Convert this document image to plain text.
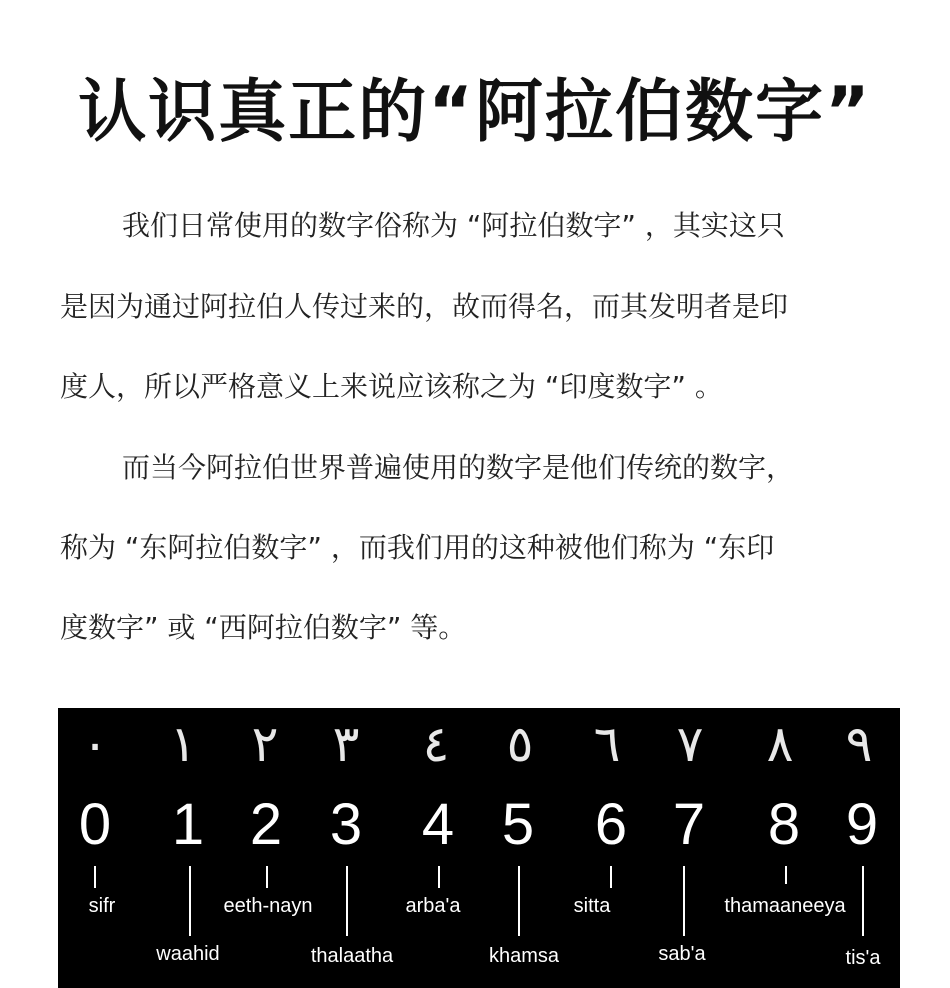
认识真正的“阿拉伯数字”
我们日常使用的数字俗称为 “阿拉伯数字” ，其实这只
是因为通过阿拉伯人传过来的，故而得名，而其发明者是印
度人，所以严格意义上来说应该称之为 “印度数字” 。
而当今阿拉伯世界普遍使用的数字是他们传统的数字，
称为 “东阿拉伯数字” ，而我们用的这种被他们称为 “东印
度数字” 或 “西阿拉伯数字” 等。
٠ ١ ٢ ٣ ٤ ٥ ٦ ٧ ٨ ٩
0 1 2 3 4 5 6 7 8 9
sifr
waahid
eeth-nayn
thalaatha
arba'a
khamsa
sitta
sab'a
thamaaneeya
tis'a
